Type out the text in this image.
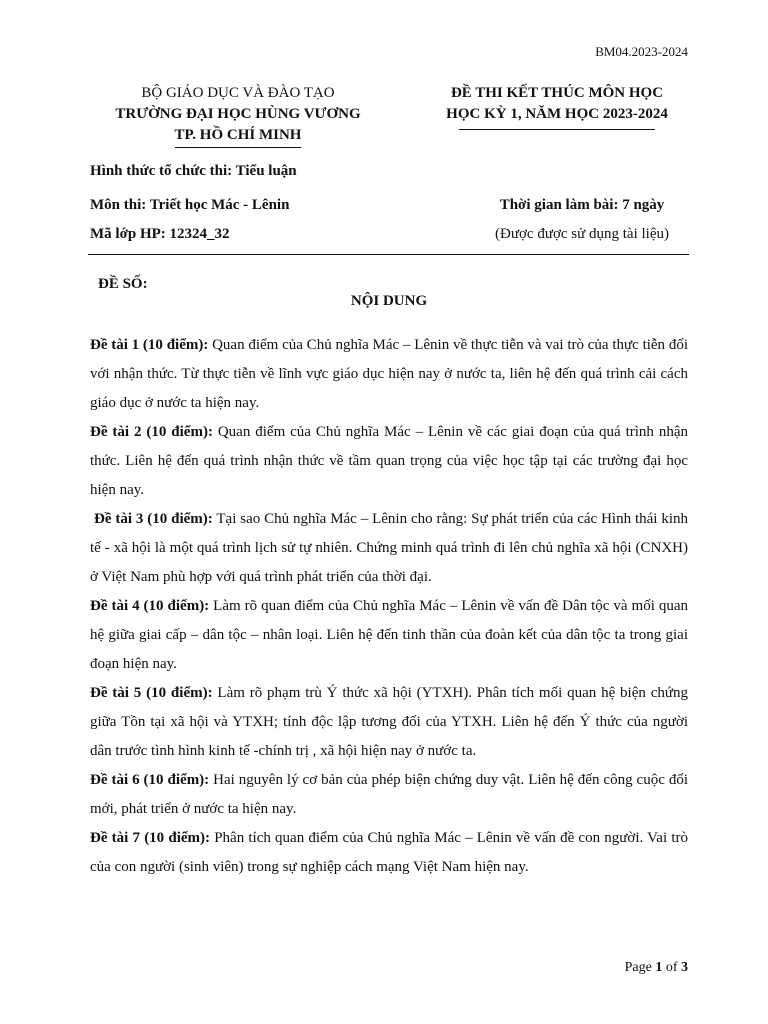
BM04.2023-2024
BỘ GIÁO DỤC VÀ ĐÀO TẠO
TRƯỜNG ĐẠI HỌC HÙNG VƯƠNG
TP. HỒ CHÍ MINH
ĐỀ THI KẾT THÚC MÔN HỌC
HỌC KỲ 1, NĂM HỌC 2023-2024
Hình thức tổ chức thi: Tiểu luận
Môn thi: Triết học Mác - Lênin	Thời gian làm bài: 7 ngày
Mã lớp HP: 12324_32	(Được được sử dụng tài liệu)
ĐỀ SỐ:
NỘI DUNG

Đề tài 1 (10 điểm): Quan điểm của Chủ nghĩa Mác – Lênin về thực tiễn và vai trò của thực tiễn đối với nhận thức. Từ thực tiễn về lĩnh vực giáo dục hiện nay ở nước ta, liên hệ đến quá trình cải cách giáo dục ở nước ta hiện nay.

Đề tài 2 (10 điểm): Quan điểm của Chủ nghĩa Mác – Lênin về các giai đoạn của quá trình nhận thức. Liên hệ đến quá trình nhận thức về tầm quan trọng của việc học tập tại các trường đại học hiện nay.

Đề tài 3 (10 điểm): Tại sao Chủ nghĩa Mác – Lênin cho rằng: Sự phát triển của các Hình thái kinh tế - xã hội là một quá trình lịch sử tự nhiên. Chứng minh quá trình đi lên chủ nghĩa xã hội (CNXH) ở Việt Nam phù hợp với quá trình phát triển của thời đại.

Đề tài 4 (10 điểm): Làm rõ quan điểm của Chủ nghĩa Mác – Lênin về vấn đề Dân tộc và mối quan hệ giữa giai cấp – dân tộc – nhân loại. Liên hệ đến tinh thần của đoàn kết của dân tộc ta trong giai đoạn hiện nay.

Đề tài 5 (10 điểm): Làm rõ phạm trù Ý thức xã hội (YTXH). Phân tích mối quan hệ biện chứng giữa Tồn tại xã hội và YTXH; tính độc lập tương đối của YTXH. Liên hệ đến Ý thức của người dân trước tình hình kinh tế -chính trị , xã hội hiện nay ở nước ta.

Đề tài 6 (10 điểm): Hai nguyên lý cơ bản của phép biện chứng duy vật. Liên hệ đến công cuộc đổi mới, phát triển ở nước ta hiện nay.

Đề tài 7 (10 điểm): Phân tích quan điểm của Chủ nghĩa Mác – Lênin về vấn đề con người. Vai trò của con người (sinh viên) trong sự nghiệp cách mạng Việt Nam hiện nay.

Page 1 of 3
